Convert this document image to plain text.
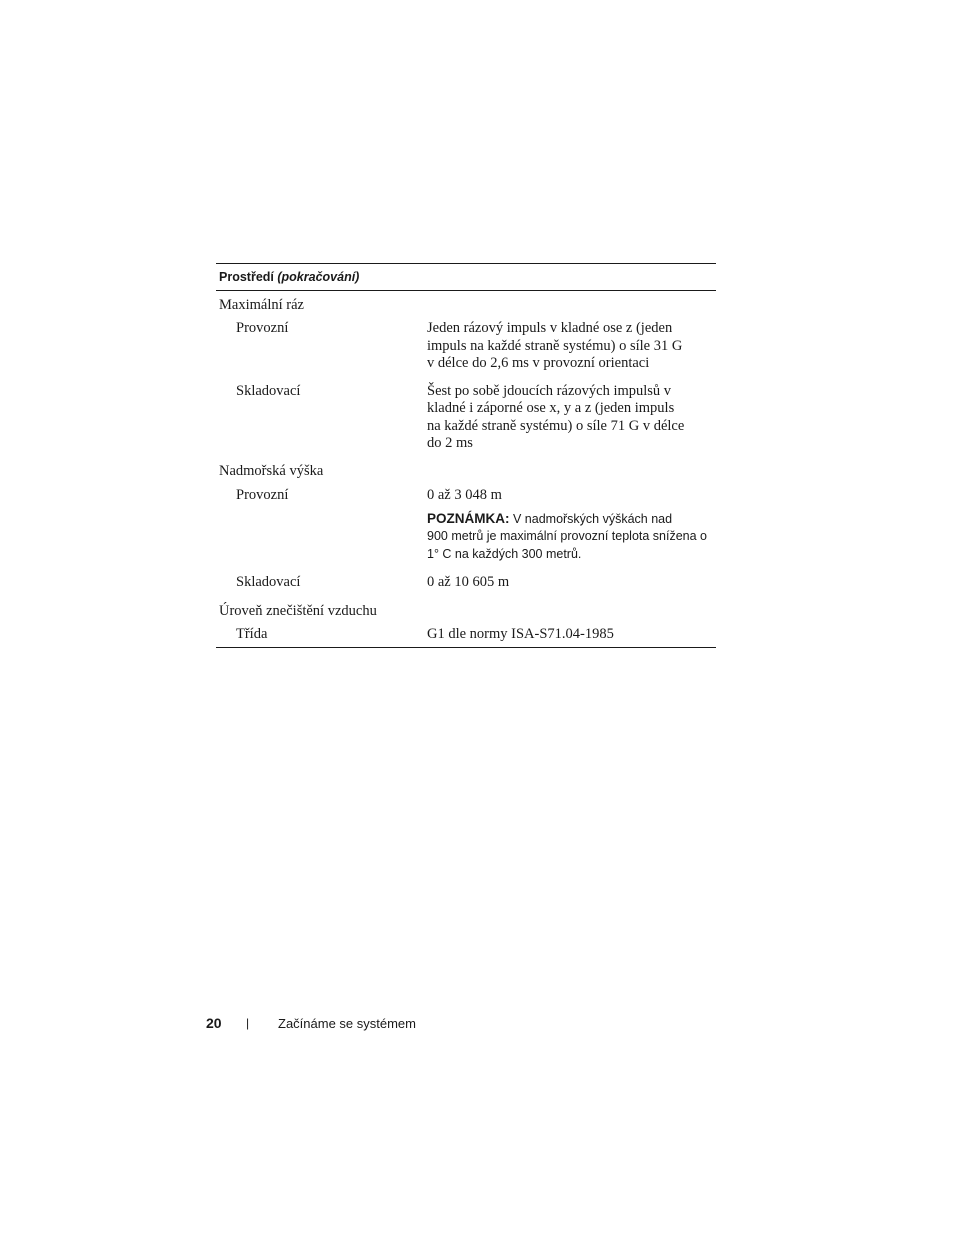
Prostředí (pokračování)
Maximální ráz
Provozní	Jeden rázový impuls v kladné ose z (jeden
impuls na každé straně systému) o síle 31 G
v délce do 2,6 ms v provozní orientaci
Skladovací	Šest po sobě jdoucích rázových impulsů v
kladné i záporné ose x, y a z (jeden impuls
na každé straně systému) o síle 71 G v délce
do 2 ms
Nadmořská výška
Provozní	0 až 3 048 m
POZNÁMKA: V nadmořských výškách nad
900 metrů je maximální provozní teplota snížena o
1° C na každých 300 metrů.
Skladovací	0 až 10 605 m
Úroveň znečištění vzduchu
Třída	G1 dle normy ISA-S71.04-1985
20	|	Začínáme se systémem
